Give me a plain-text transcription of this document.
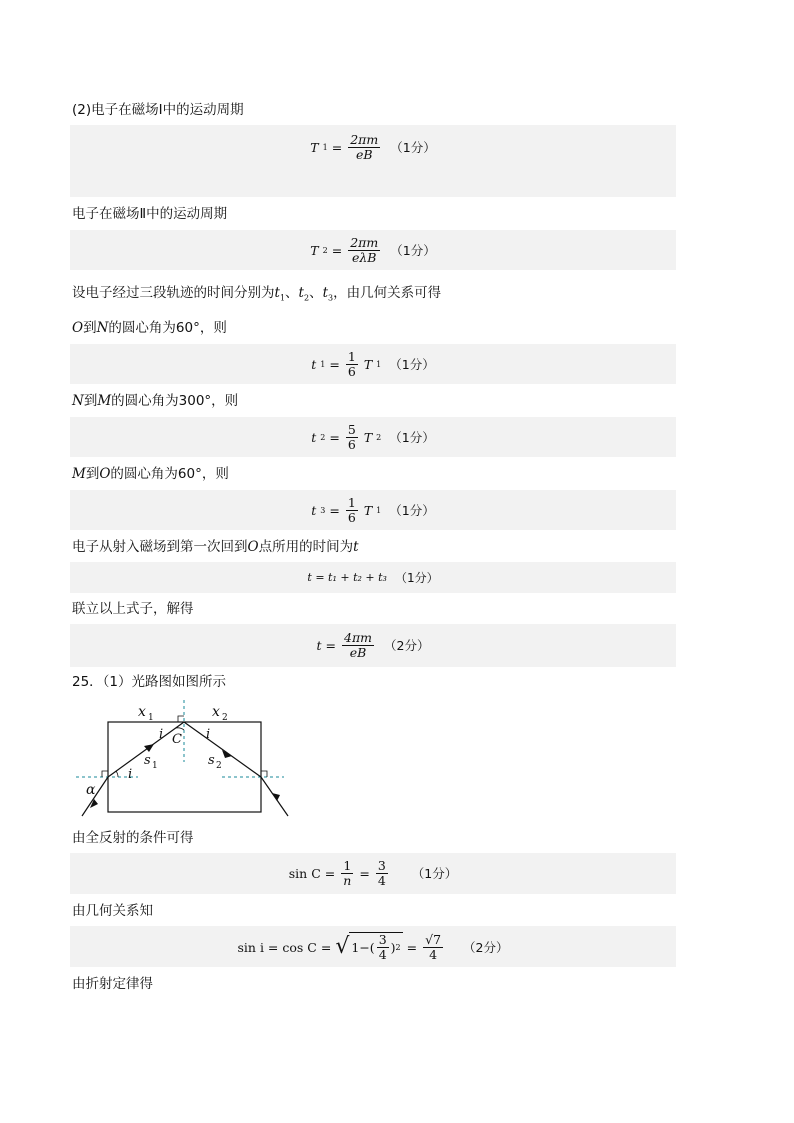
(2)电子在磁场Ⅰ中的运动周期
T $1 = \frac{2\pi m}{eB} (1$分）
电子在磁场Ⅱ中的运动周期
T $2 = \frac{2\pi m}{\text{eλB}} (1$分）
设电子经过三段轨迹的时间分别为$t_1$、$t_2$、$t_3$，由几何关系可得
O到N的圆心角为60°，则
t $1 = \frac{1}{6}$ T 1 （1分）
N到M的圆心角为300°，则
t $2 = \frac{5}{6}$ T 2 （1分）
M到O的圆心角为60°，则
t $3 = \frac{1}{6}$ T 1 （1分）
电子从射入磁场到第一次回到O点所用的时间为t
t = t₁ + t₂ + t₃ （1分）
联立以上式子，解得
$t = \frac{4\pi m}{eB} (2$分）
25．（1）光路图如图所示
x 1	x 2
i C i
s 1	s 2
i
α
由全反射的条件可得
$\sin C = \frac{1}{n} = \frac{3}{4} (1$分）
由几何关系知
sin i = cos C = √ $1-( \frac{3}{4}$ ) $2 = \frac{√7}{4} (2$分）
由折射定律得
